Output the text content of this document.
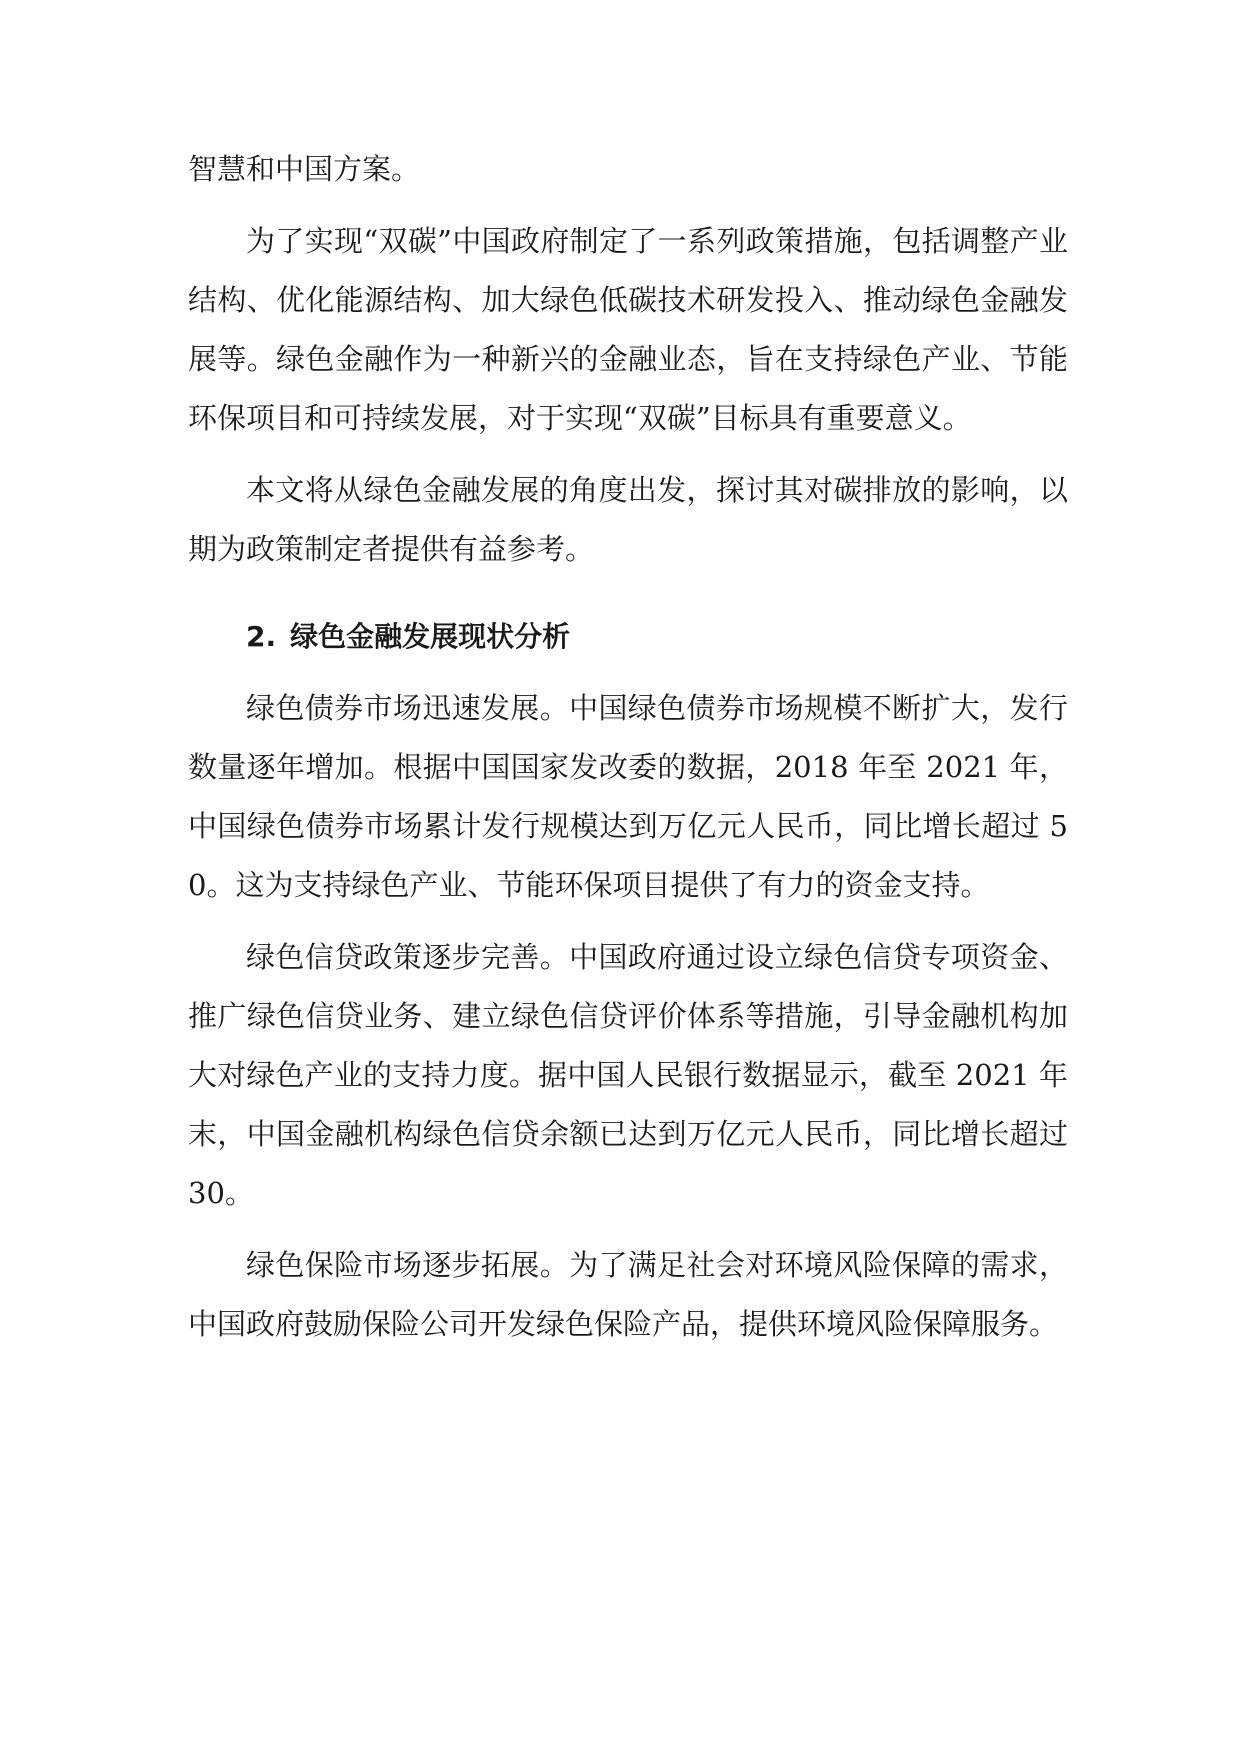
智慧和中国方案。

为了实现“双碳”中国政府制定了一系列政策措施，包括调整产业结构、优化能源结构、加大绿色低碳技术研发投入、推动绿色金融发展等。绿色金融作为一种新兴的金融业态，旨在支持绿色产业、节能环保项目和可持续发展，对于实现“双碳”目标具有重要意义。

本文将从绿色金融发展的角度出发，探讨其对碳排放的影响，以期为政策制定者提供有益参考。

2. 绿色金融发展现状分析

绿色债券市场迅速发展。中国绿色债券市场规模不断扩大，发行数量逐年增加。根据中国国家发改委的数据，2018 年至 2021 年，中国绿色债券市场累计发行规模达到万亿元人民币，同比增长超过 50。这为支持绿色产业、节能环保项目提供了有力的资金支持。

绿色信贷政策逐步完善。中国政府通过设立绿色信贷专项资金、推广绿色信贷业务、建立绿色信贷评价体系等措施，引导金融机构加大对绿色产业的支持力度。据中国人民银行数据显示，截至 2021 年末，中国金融机构绿色信贷余额已达到万亿元人民币，同比增长超过30。

绿色保险市场逐步拓展。为了满足社会对环境风险保障的需求，中国政府鼓励保险公司开发绿色保险产品，提供环境风险保障服务。
